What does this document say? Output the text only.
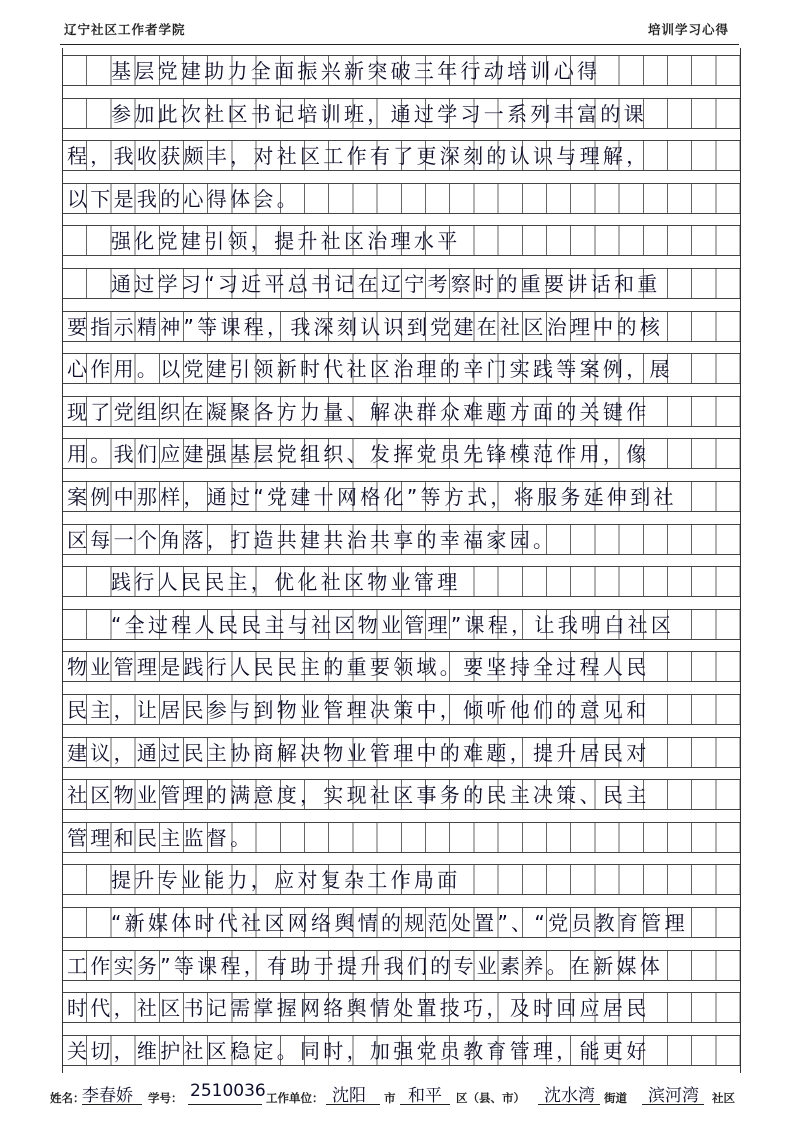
辽宁社区工作者学院	培训学习心得
基层党建助力全面振兴新突破三年行动培训心得
参加此次社区书记培训班，通过学习一系列丰富的课
程，我收获颇丰，对社区工作有了更深刻的认识与理解，
以下是我的心得体会。
强化党建引领，提升社区治理水平
通过学习“习近平总书记在辽宁考察时的重要讲话和重
要指示精神”等课程，我深刻认识到党建在社区治理中的核
心作用。以党建引领新时代社区治理的辛门实践等案例，展
现了党组织在凝聚各方力量、解决群众难题方面的关键作
用。我们应建强基层党组织、发挥党员先锋模范作用，像
案例中那样，通过“党建十网格化”等方式，将服务延伸到社
区每一个角落，打造共建共治共享的幸福家园。
践行人民民主，优化社区物业管理
“全过程人民民主与社区物业管理”课程，让我明白社区
物业管理是践行人民民主的重要领域。要坚持全过程人民
民主，让居民参与到物业管理决策中，倾听他们的意见和
建议，通过民主协商解决物业管理中的难题，提升居民对
社区物业管理的满意度，实现社区事务的民主决策、民主
管理和民主监督。
提升专业能力，应对复杂工作局面
“新媒体时代社区网络舆情的规范处置”、“党员教育管理
工作实务”等课程，有助于提升我们的专业素养。在新媒体
时代，社区书记需掌握网络舆情处置技巧，及时回应居民
关切，维护社区稳定。同时，加强党员教育管理，能更好
姓名：
李春娇 学号： 2510036 工作单位： 沈阳 市 和平 区（县、市） 沈水湾 街道 滨河湾 社区
